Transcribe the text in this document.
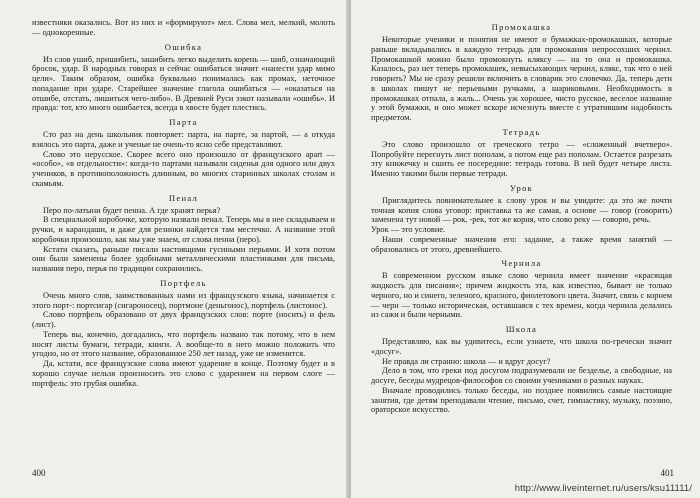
известняки оказались. Вот из них и «формируют» мел. Слова мел, мелкий, молоть — однокоренные.

Ошибка

Из слов ушиб, пришибить, зашибить легко выделить корень — шиб, означающий бросок, удар. В народных говорах и сейчас ошибаться значит «нанести удар мимо цели». Таким образом, ошибка буквально понималась как промах, неточное попадание при ударе. Старейшее значение глагола ошибаться — «оказаться на отшибе, отстать, лишиться чего-либо». В Древней Руси зэкот называли «ошибь». И правда: тот, кто много ошибается, всегда в хвосте будет плестись.

Парта

Сто раз на день школьник повторяет: парта, на парте, за партой, — а откуда взялось это парта, даже и ученые не очень-то ясно себе представляют.

Слово это нерусское. Скорее всего оно произошло от французского apart — «особо», «в отдельности»: когда-то партами называли сиденья для одного или двух учеников, в противоположность длинным, во многих старинных школах столам и скамьям.

Пенал

Перо по-латыни будет пенна. А где хранят перья?

В специальной коробочке, которую назвали пенал. Теперь мы в нее складываем и ручки, и карандаши, и даже для резинки найдется там местечко. А название этой коробочки произошло, как мы уже знаем, от слова пенна (перо).

Кстати сказать, раньше писали настоящими гусиными перьями. И хотя потом они были заменены более удобными металлическими пластинками для письма, названия перо, перья по традиции сохранились.

Портфель

Очень много слов, заимствованных нами из французского языка, начинается с этого порт-: портсигар (сигароносец), портмоне (деньгонос), портфель (листонос).

Слово портфель образовано от двух французских слов: порте (носить) и фель (лист).

Теперь вы, конечно, догадались, что портфель названо так потому, что в нем носят листы бумаги, тетради, книги. А вообще-то в него можно положить что угодно, но от этого название, образованное 250 лет назад, уже не изменится.

Да, кстати, все французские слова имеют ударение в конце. Поэтому будет и в хорошо случае нельзя произносить это слово с ударением на первом слоге — портфель: это грубая ошибка.

400
Промокашка

Некоторые ученики и понятия не имеют о бумажках-промокашках, которые раньше вкладывались в каждую тетрадь для промокания непросохших чернил. Промокашкой можно было промокнуть кляксу — на то она и промокашка. Казалось, раз нет теперь промокашек, невысыхающих чернил, клякс, так что о ней говорить? Мы не сразу решили включить в словарик это словечко. Да, теперь дети в школах пишут не перьевыми ручками, а шариковыми. Необходимость в промокашках отпала, а жаль... Очень уж хорошее, чисто русское, веселое название у этой бумажки, и оно может вскоре исчезнуть вместе с утратившим надобность предметом.

Тетрадь

Это слово произошло от греческого тетро — «сложенный вчетверо». Попробуйте перегнуть лист пополам, а потом еще раз пополам. Остается разрезать эту книжечку и сшить ее посередине: тетрадь готова. В ней будет четыре листа. Именно такими были первые тетради.

Урок

Приглядитесь повнимательнее к слову урок и вы увидите: да это же почти точная копия слова уговор: приставка та же самая, а основе — говор (говорить) заменена тут новой — рок, -рек, тот же корня, что слово реку — говорю, речь.

Урок — это условие.

Наши современные значения его: задание, а также время занятий — образовались от этого, древнейшего.

Чернила

В современном русском языке слово чернила имеет значение «красящая жидкость для писания»; причем жидкость эта, как известно, бывает не только черного, но и синего, зеленого, красного, фиолетового цвета. Значит, связь с корнем — черн — только историческая, оставшаяся с тех времен, когда чернила делались из сажи и были черными.

Школа

Представляю, как вы удивитесь, если узнаете, что школа по-гречески значит «досуг».

Не правда ли странно: школа — и вдруг досуг?

Дело в том, что греки под досугом подразумевали не безделье, а свободные, на досуге, беседы мудрецов-философов со своими учениками о разных науках.

Вначале проводились только беседы, но позднее появились самые настоящие занятия, где детям преподавали чтение, письмо, счет, гимнастику, музыку, поэзию, ораторское искусство.

401
http://www.liveinternet.ru/users/ksu11111/
